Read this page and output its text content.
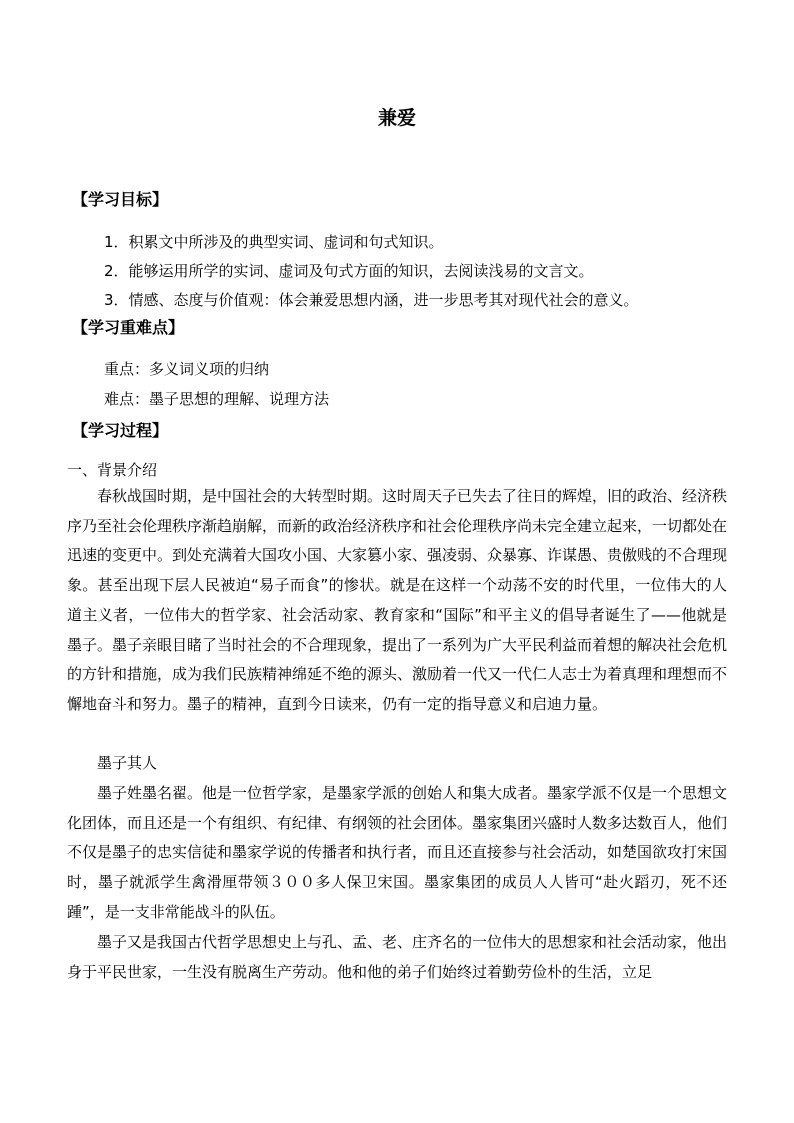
兼爱
【学习目标】
1．积累文中所涉及的典型实词、虚词和句式知识。
2．能够运用所学的实词、虚词及句式方面的知识，去阅读浅易的文言文。
3．情感、态度与价值观：体会兼爱思想内涵，进一步思考其对现代社会的意义。
【学习重难点】
重点：多义词义项的归纳
难点：墨子思想的理解、说理方法
【学习过程】
一、背景介绍

春秋战国时期，是中国社会的大转型时期。这时周天子已失去了往日的辉煌，旧的政治、经济秩序乃至社会伦理秩序渐趋崩解，而新的政治经济秩序和社会伦理秩序尚未完全建立起来，一切都处在迅速的变更中。到处充满着大国攻小国、大家篡小家、强凌弱、众暴寡、诈谋愚、贵傲贱的不合理现象。甚至出现下层人民被迫“易子而食”的惨状。就是在这样一个动荡不安的时代里，一位伟大的人道主义者，一位伟大的哲学家、社会活动家、教育家和“国际”和平主义的倡导者诞生了——他就是墨子。墨子亲眼目睹了当时社会的不合理现象，提出了一系列为广大平民利益而着想的解决社会危机的方针和措施，成为我们民族精神绵延不绝的源头、激励着一代又一代仁人志士为着真理和理想而不懈地奋斗和努力。墨子的精神，直到今日读来，仍有一定的指导意义和启迪力量。

墨子其人

墨子姓墨名翟。他是一位哲学家，是墨家学派的创始人和集大成者。墨家学派不仅是一个思想文化团体，而且还是一个有组织、有纪律、有纲领的社会团体。墨家集团兴盛时人数多达数百人，他们不仅是墨子的忠实信徒和墨家学说的传播者和执行者，而且还直接参与社会活动，如楚国欲攻打宋国时，墨子就派学生禽滑厘带领３００多人保卫宋国。墨家集团的成员人人皆可“赴火蹈刃，死不还踵”，是一支非常能战斗的队伍。

墨子又是我国古代哲学思想史上与孔、孟、老、庄齐名的一位伟大的思想家和社会活动家，他出身于平民世家，一生没有脱离生产劳动。他和他的弟子们始终过着勤劳俭朴的生活，立足
